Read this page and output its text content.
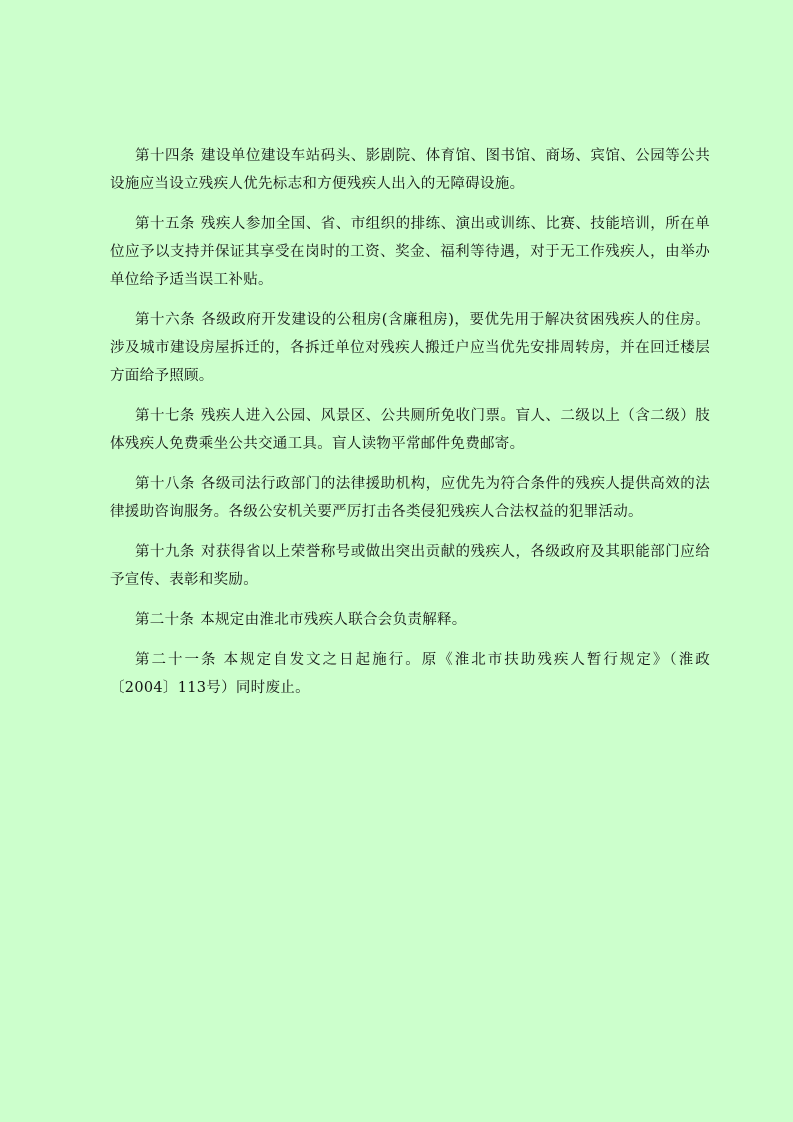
第十四条 建设单位建设车站码头、影剧院、体育馆、图书馆、商场、宾馆、公园等公共设施应当设立残疾人优先标志和方便残疾人出入的无障碍设施。

第十五条 残疾人参加全国、省、市组织的排练、演出或训练、比赛、技能培训，所在单位应予以支持并保证其享受在岗时的工资、奖金、福利等待遇，对于无工作残疾人，由举办单位给予适当误工补贴。

第十六条 各级政府开发建设的公租房(含廉租房)，要优先用于解决贫困残疾人的住房。涉及城市建设房屋拆迁的，各拆迁单位对残疾人搬迁户应当优先安排周转房，并在回迁楼层方面给予照顾。

第十七条 残疾人进入公园、风景区、公共厕所免收门票。盲人、二级以上（含二级）肢体残疾人免费乘坐公共交通工具。盲人读物平常邮件免费邮寄。

第十八条 各级司法行政部门的法律援助机构，应优先为符合条件的残疾人提供高效的法律援助咨询服务。各级公安机关要严厉打击各类侵犯残疾人合法权益的犯罪活动。

第十九条 对获得省以上荣誉称号或做出突出贡献的残疾人，各级政府及其职能部门应给予宣传、表彰和奖励。

第二十条 本规定由淮北市残疾人联合会负责解释。

第二十一条 本规定自发文之日起施行。原《淮北市扶助残疾人暂行规定》（淮政〔2004〕113号）同时废止。
